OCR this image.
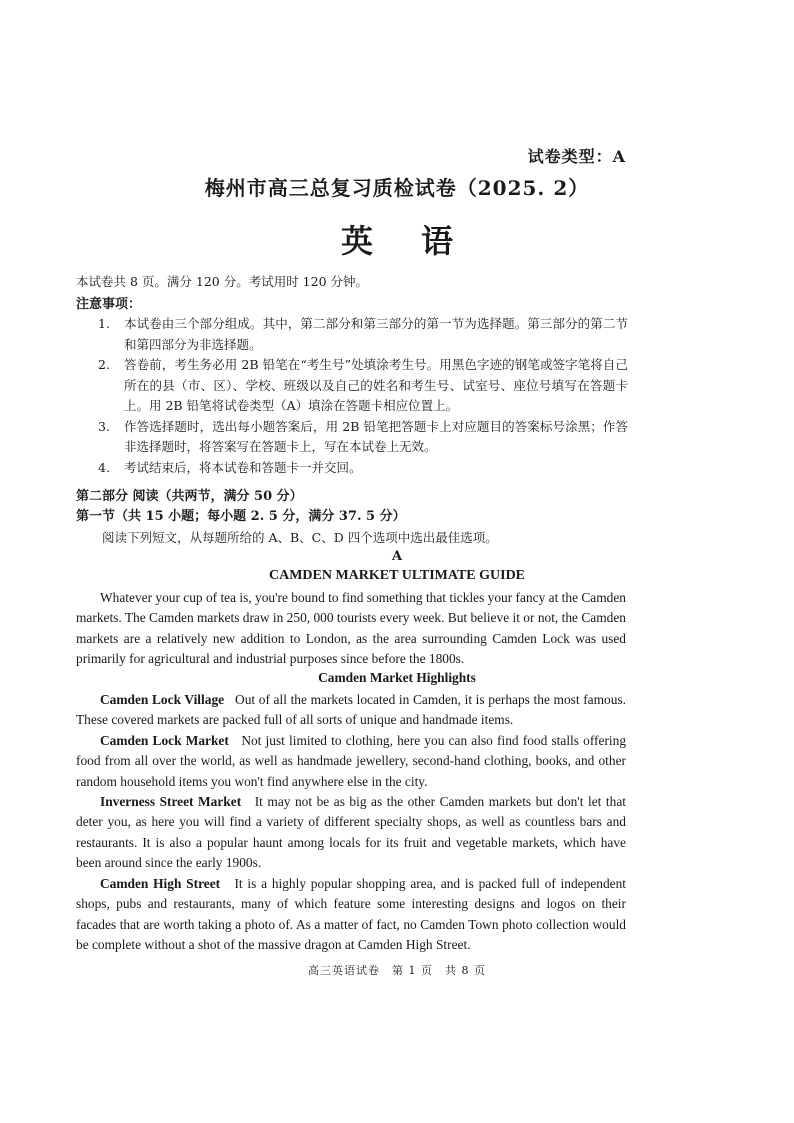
试卷类型：A
梅州市高三总复习质检试卷（2025. 2）
英语
本试卷共 8 页。满分 120 分。考试用时 120 分钟。
注意事项：
1.	本试卷由三个部分组成。其中，第二部分和第三部分的第一节为选择题。第三部分的第二节和第四部分为非选择题。
2.	答卷前，考生务必用 2B 铅笔在“考生号”处填涂考生号。用黑色字迹的钢笔或签字笔将自己所在的县（市、区）、学校、班级以及自己的姓名和考生号、试室号、座位号填写在答题卡上。用 2B 铅笔将试卷类型（A）填涂在答题卡相应位置上。
3.	作答选择题时，选出每小题答案后，用 2B 铅笔把答题卡上对应题目的答案标号涂黑；作答非选择题时，将答案写在答题卡上，写在本试卷上无效。
4.	考试结束后，将本试卷和答题卡一并交回。
第二部分 阅读（共两节，满分 50 分）
第一节（共 15 小题；每小题 2. 5 分，满分 37. 5 分）
阅读下列短文，从每题所给的 A、B、C、D 四个选项中选出最佳选项。
A
CAMDEN MARKET ULTIMATE GUIDE

Whatever your cup of tea is, you're bound to find something that tickles your fancy at the Camden markets. The Camden markets draw in 250, 000 tourists every week. But believe it or not, the Camden markets are a relatively new addition to London, as the area surrounding Camden Lock was used primarily for agricultural and industrial purposes since before the 1800s.

Camden Market Highlights

Camden Lock Village Out of all the markets located in Camden, it is perhaps the most famous. These covered markets are packed full of all sorts of unique and handmade items.

Camden Lock Market Not just limited to clothing, here you can also find food stalls offering food from all over the world, as well as handmade jewellery, second-hand clothing, books, and other random household items you won't find anywhere else in the city.

Inverness Street Market It may not be as big as the other Camden markets but don't let that deter you, as here you will find a variety of different specialty shops, as well as countless bars and restaurants. It is also a popular haunt among locals for its fruit and vegetable markets, which have been around since the early 1900s.

Camden High Street It is a highly popular shopping area, and is packed full of independent shops, pubs and restaurants, many of which feature some interesting designs and logos on their facades that are worth taking a photo of. As a matter of fact, no Camden Town photo collection would be complete without a shot of the massive dragon at Camden High Street.

高三英语试卷　第 1 页　共 8 页
